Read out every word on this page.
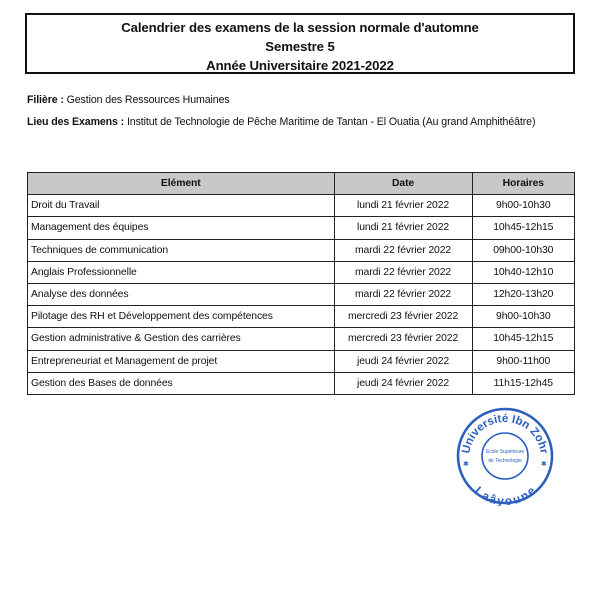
Calendrier des examens de la session normale d'automne
Semestre 5
Année Universitaire 2021-2022
Filière : Gestion des Ressources Humaines
Lieu des Examens : Institut de Technologie de Pêche Maritime de Tantan - El Ouatia (Au grand Amphithéâtre)
Elément	Date	Horaires
Droit du Travail	lundi 21 février 2022	9h00-10h30
Management des équipes	lundi 21 février 2022	10h45-12h15
Techniques de communication	mardi 22 février 2022	09h00-10h30
Anglais Professionnelle	mardi 22 février 2022	10h40-12h10
Analyse des données	mardi 22 février 2022	12h20-13h20
Pilotage des RH et Développement des compétences	mercredi 23 février 2022	9h00-10h30
Gestion administrative & Gestion des carrières	mercredi 23 février 2022	10h45-12h15
Entrepreneuriat et Management de projet	jeudi 24 février 2022	9h00-11h00
Gestion des Bases de données	jeudi 24 février 2022	11h15-12h45
Université Ibn Zohr
Laâyoune
✱	✱
Ecole Supérieure
de Technologie
